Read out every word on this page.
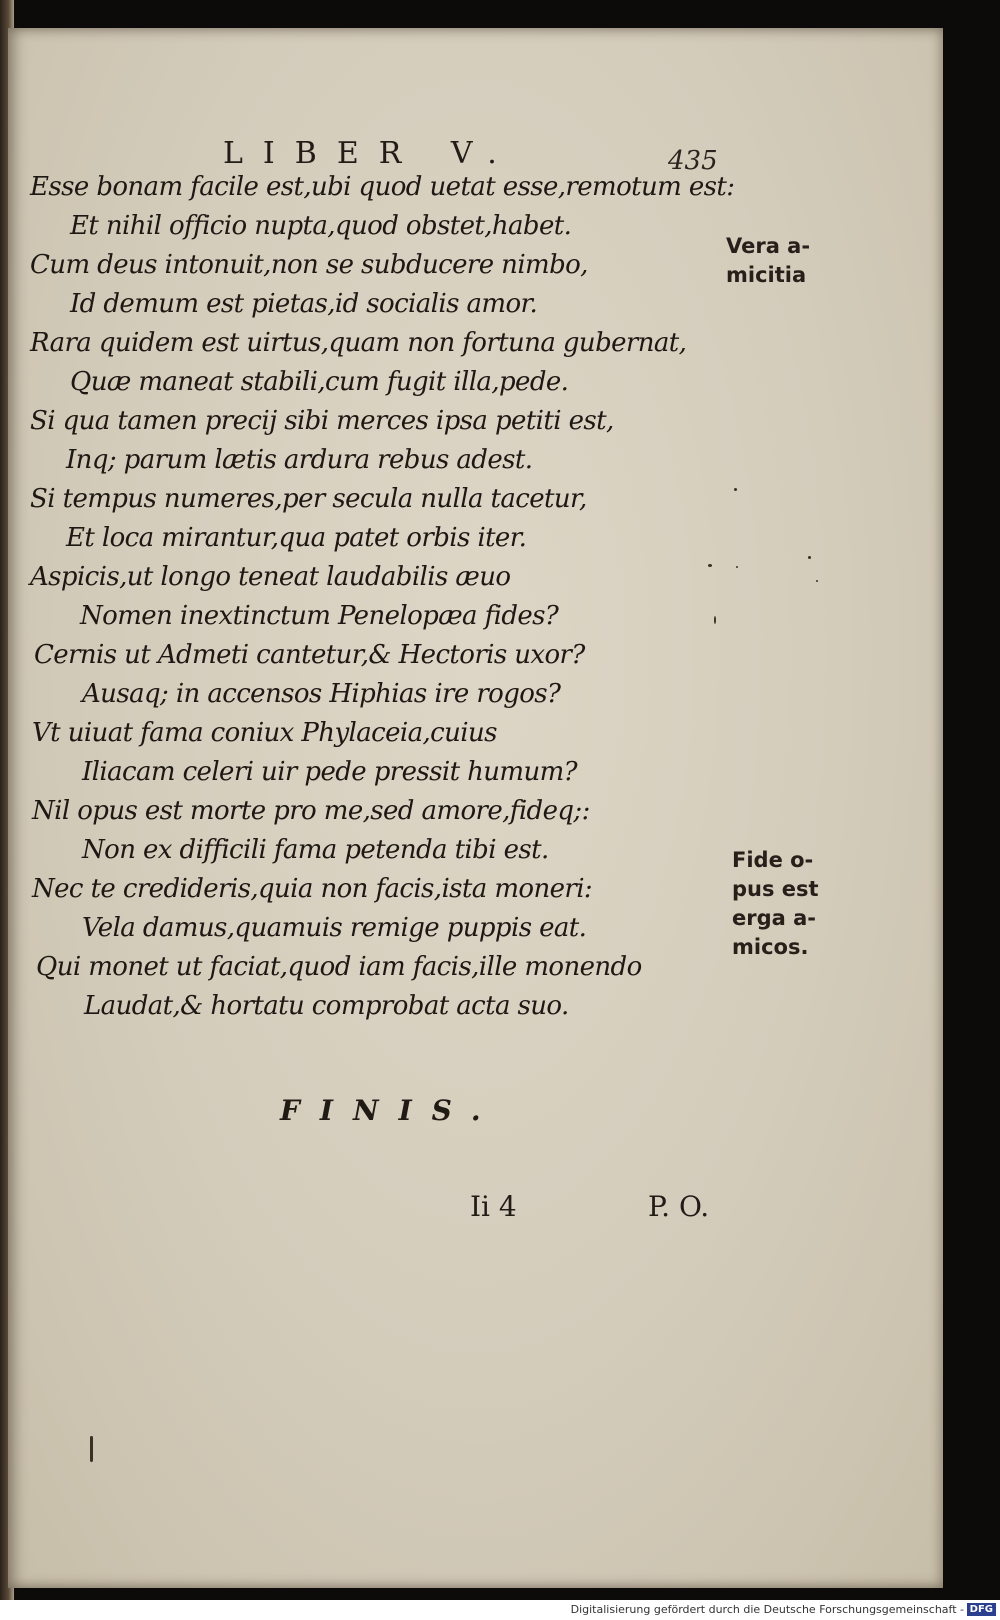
LIBER V.	435
Esse bonam facile est,ubi quod uetat esse,remotum est:
Et nihil officio nupta,quod obstet,habet.
Cum deus intonuit,non se subducere nimbo,
Id demum est pietas,id socialis amor.
Rara quidem est uirtus,quam non fortuna gubernat,
Quæ maneat stabili,cum fugit illa,pede.
Si qua tamen precij sibi merces ipsa petiti est,
Inq; parum lætis ardura rebus adest.
Si tempus numeres,per secula nulla tacetur,
Et loca mirantur,qua patet orbis iter.
Aspicis,ut longo teneat laudabilis æuo
Nomen inextinctum Penelopæa fides?
Cernis ut Admeti cantetur,& Hectoris uxor?
Ausaq; in accensos Hiphias ire rogos?
Vt uiuat fama coniux Phylaceia,cuius
Iliacam celeri uir pede pressit humum?
Nil opus est morte pro me,sed amore,fideq;:
Non ex difficili fama petenda tibi est.
Nec te credideris,quia non facis,ista moneri:
Vela damus,quamuis remige puppis eat.
Qui monet ut faciat,quod iam facis,ille monendo
Laudat,& hortatu comprobat acta suo.
Vera a-
micitia
Fide o-
pus est
erga a-
micos.
FINIS.
Ii 4	P. O.
Digitalisierung gefördert durch die Deutsche Forschungsgemeinschaft - DFG
